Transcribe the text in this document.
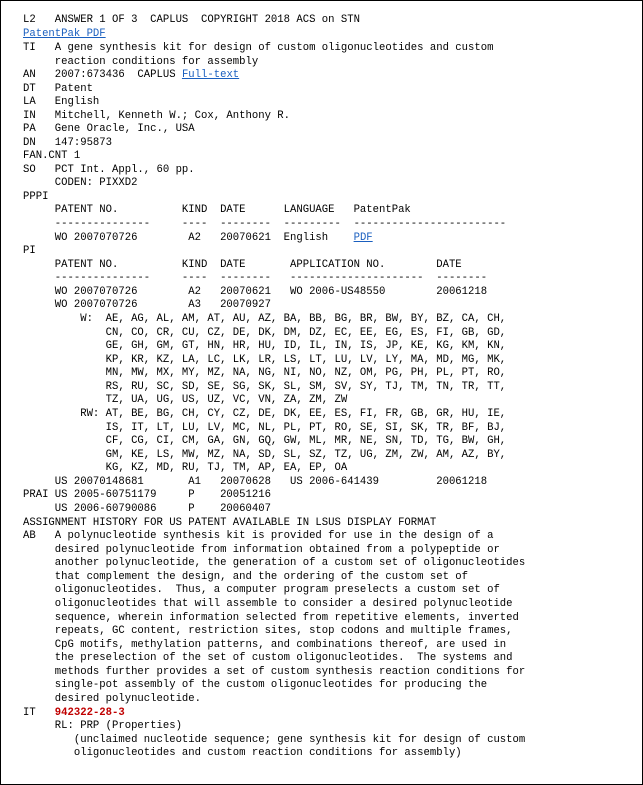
L2   ANSWER 1 OF 3  CAPLUS  COPYRIGHT 2018 ACS on STN
PatentPak PDF
TI   A gene synthesis kit for design of custom oligonucleotides and custom
reaction conditions for assembly
AN   2007:673436  CAPLUS Full-text
DT   Patent
LA   English
IN   Mitchell, Kenneth W.; Cox, Anthony R.
PA   Gene Oracle, Inc., USA
DN   147:95873
FAN.CNT 1
SO   PCT Int. Appl., 60 pp.
CODEN: PIXXD2
PPPI
PATENT NO.          KIND  DATE      LANGUAGE   PatentPak
---------------     ----  --------  ---------  ------------------------
WO 2007070726        A2   20070621  English    PDF
PI
PATENT NO.          KIND  DATE       APPLICATION NO.        DATE
---------------     ----  --------   ---------------------  --------
WO 2007070726        A2   20070621   WO 2006-US48550        20061218
WO 2007070726        A3   20070927
W:  AE, AG, AL, AM, AT, AU, AZ, BA, BB, BG, BR, BW, BY, BZ, CA, CH,
CN, CO, CR, CU, CZ, DE, DK, DM, DZ, EC, EE, EG, ES, FI, GB, GD,
GE, GH, GM, GT, HN, HR, HU, ID, IL, IN, IS, JP, KE, KG, KM, KN,
KP, KR, KZ, LA, LC, LK, LR, LS, LT, LU, LV, LY, MA, MD, MG, MK,
MN, MW, MX, MY, MZ, NA, NG, NI, NO, NZ, OM, PG, PH, PL, PT, RO,
RS, RU, SC, SD, SE, SG, SK, SL, SM, SV, SY, TJ, TM, TN, TR, TT,
TZ, UA, UG, US, UZ, VC, VN, ZA, ZM, ZW
RW: AT, BE, BG, CH, CY, CZ, DE, DK, EE, ES, FI, FR, GB, GR, HU, IE,
IS, IT, LT, LU, LV, MC, NL, PL, PT, RO, SE, SI, SK, TR, BF, BJ,
CF, CG, CI, CM, GA, GN, GQ, GW, ML, MR, NE, SN, TD, TG, BW, GH,
GM, KE, LS, MW, MZ, NA, SD, SL, SZ, TZ, UG, ZM, ZW, AM, AZ, BY,
KG, KZ, MD, RU, TJ, TM, AP, EA, EP, OA
US 20070148681       A1   20070628   US 2006-641439         20061218
PRAI US 2005-60751179     P    20051216
US 2006-60790086     P    20060407
ASSIGNMENT HISTORY FOR US PATENT AVAILABLE IN LSUS DISPLAY FORMAT
AB   A polynucleotide synthesis kit is provided for use in the design of a
desired polynucleotide from information obtained from a polypeptide or
another polynucleotide, the generation of a custom set of oligonucleotides
that complement the design, and the ordering of the custom set of
oligonucleotides.  Thus, a computer program preselects a custom set of
oligonucleotides that will assemble to consider a desired polynucleotide
sequence, wherein information selected from repetitive elements, inverted
repeats, GC content, restriction sites, stop codons and multiple frames,
CpG motifs, methylation patterns, and combinations thereof, are used in
the preselection of the set of custom oligonucleotides.  The systems and
methods further provides a set of custom synthesis reaction conditions for
single-pot assembly of the custom oligonucleotides for producing the
desired polynucleotide.
IT   942322-28-3
RL: PRP (Properties)
(unclaimed nucleotide sequence; gene synthesis kit for design of custom
oligonucleotides and custom reaction conditions for assembly)
